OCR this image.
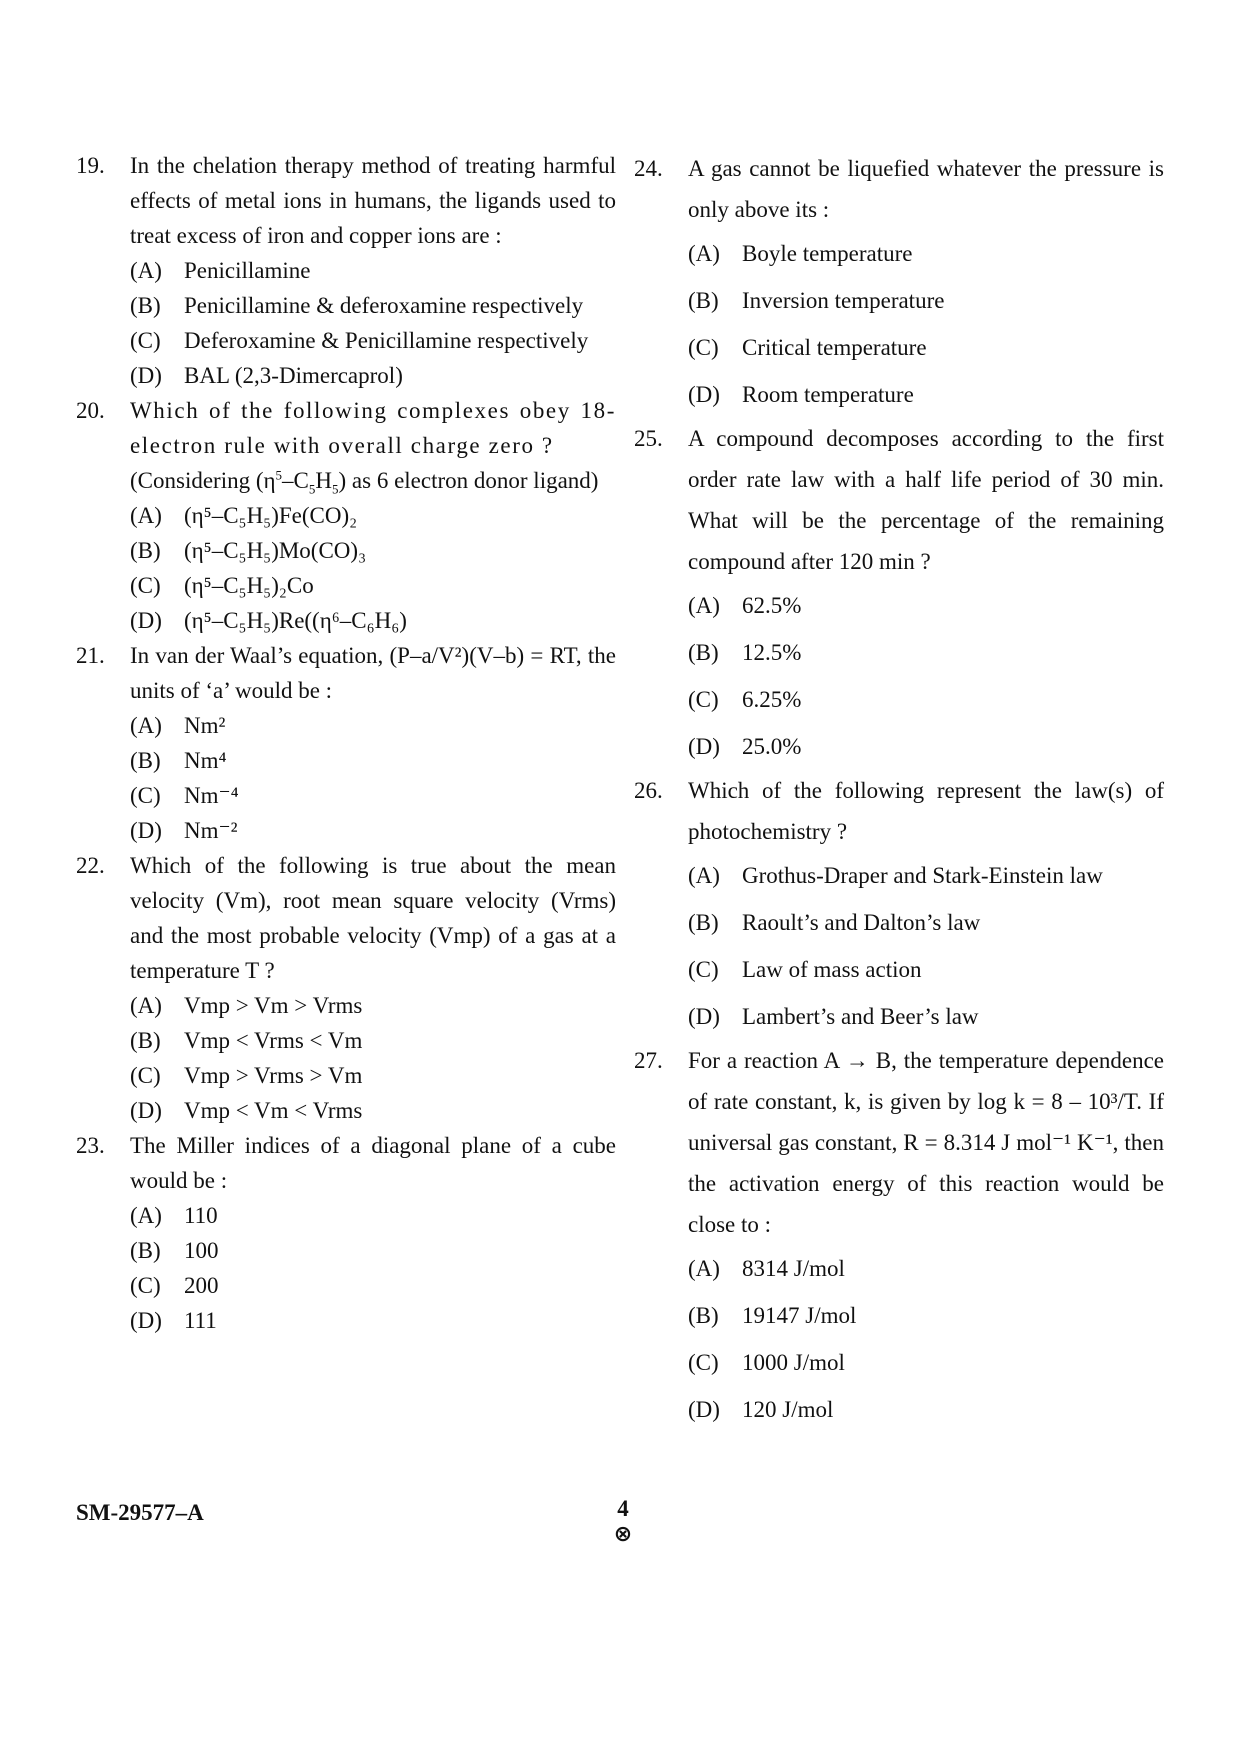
19. In the chelation therapy method of treating harmful effects of metal ions in humans, the ligands used to treat excess of iron and copper ions are :
(A) Penicillamine
(B)	Penicillamine & deferoxamine respectively
(C)	Deferoxamine & Penicillamine respectively
(D) BAL (2,3-Dimercaprol)
20. Which of the following complexes obey 18-electron rule with overall charge zero ?
(Considering $(\eta^5-C_5H_5)$ as 6 electron donor ligand)
(A) (η⁵–C₅H₅)Fe(CO)₂
(B)	(η⁵–C₅H₅)Mo(CO)₃
(C)	(η⁵–C₅H₅)₂Co
(D) (η⁵–C₅H₅)Re((η⁶–C₆H₆)
21. In van der Waal’s equation, (P–a/V²)(V–b) = RT, the units of ‘a’ would be :
(A) Nm²
(B)	Nm⁴
(C)	Nm⁻⁴
(D) Nm⁻²
22. Which of the following is true about the mean velocity (Vm), root mean square velocity (Vrms) and the most probable velocity (Vmp) of a gas at a temperature T ?
(A) Vmp > Vm > Vrms
(B)	Vmp < Vrms < Vm
(C)	Vmp > Vrms > Vm
(D) Vmp < Vm < Vrms
23. The Miller indices of a diagonal plane of a cube would be :
(A) 110
(B)	100
(C)	200
(D) 111
24. A gas cannot be liquefied whatever the pressure is only above its :
(A) Boyle temperature
(B)	Inversion temperature
(C)	Critical temperature
(D) Room temperature
25. A compound decomposes according to the first order rate law with a half life period of 30 min. What will be the percentage of the remaining compound after 120 min ?
(A) 62.5%
(B)	12.5%
(C)	6.25%
(D) 25.0%
26. Which of the following represent the law(s) of photochemistry ?
(A) Grothus-Draper and Stark-Einstein law
(B)	Raoult’s and Dalton’s law
(C)	Law of mass action
(D) Lambert’s and Beer’s law
27. For a reaction A → B, the temperature dependence of rate constant, k, is given by log k = 8 – 10³/T. If universal gas constant, R = 8.314 J mol⁻¹ K⁻¹, then the activation energy of this reaction would be close to :
(A) 8314 J/mol
(B)	19147 J/mol
(C)	1000 J/mol
(D) 120 J/mol
SM-29577–A	4
⊗
